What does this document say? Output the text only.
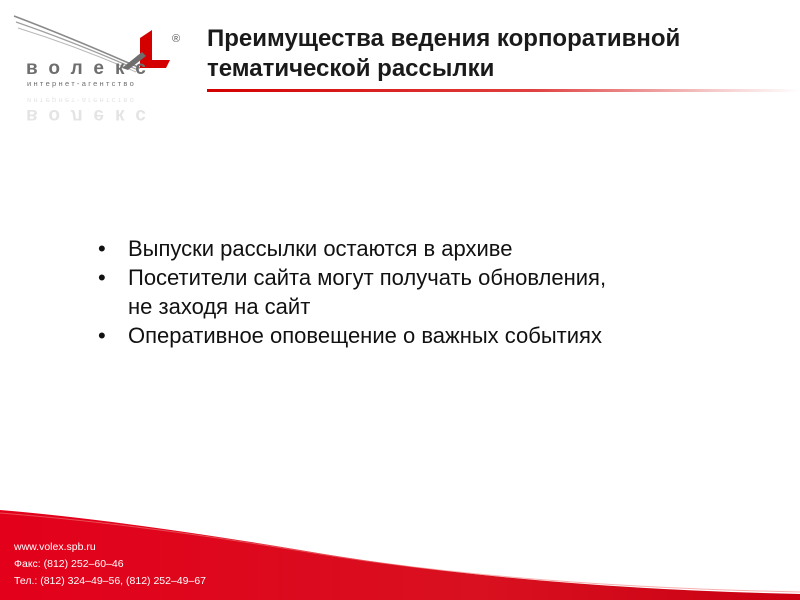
®
волекс
интернет-агентство
волекс
интернет-агентство
Преимущества ведения корпоративной
тематической рассылки
• Выпуски рассылки остаются в архиве
• Посетители сайта могут получать обновления,
не заходя на сайт
• Оперативное оповещение о важных событиях
www.volex.spb.ru
Факс: (812) 252–60–46
Тел.: (812) 324–49–56, (812) 252–49–67
